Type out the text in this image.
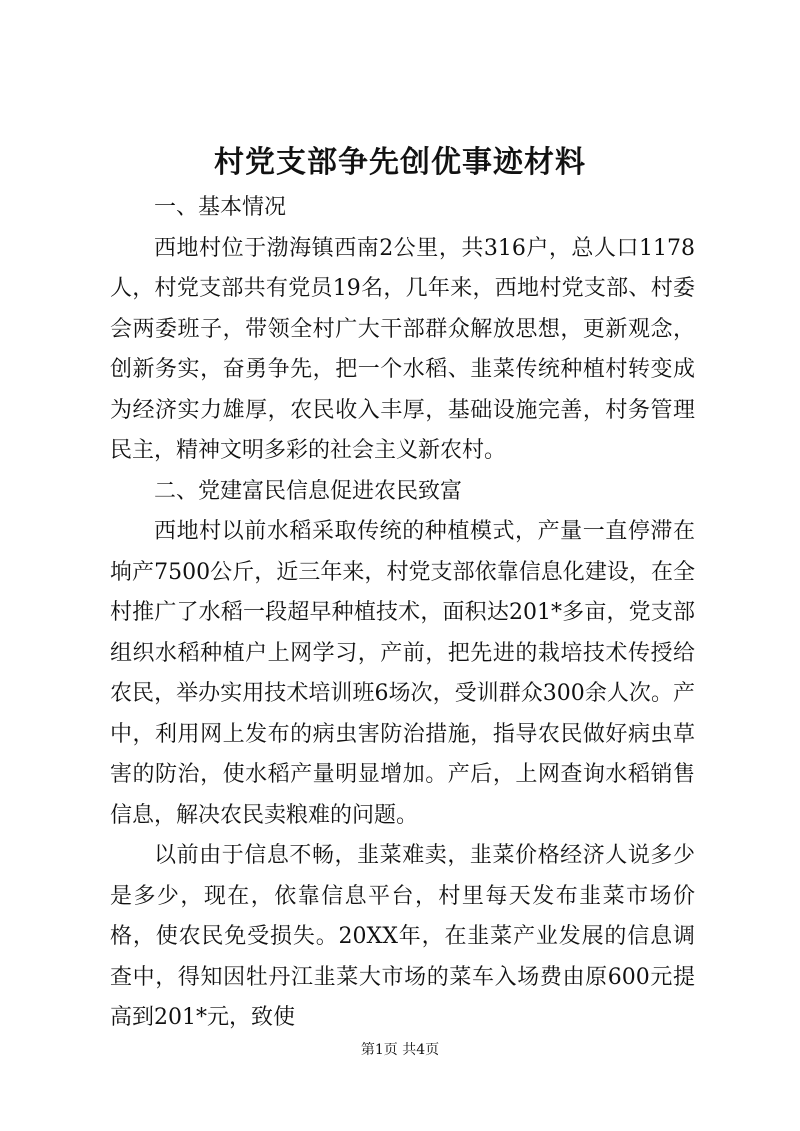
村党支部争先创优事迹材料

一、基本情况

西地村位于渤海镇西南2公里，共316户，总人口1178人，村党支部共有党员19名，几年来，西地村党支部、村委会两委班子，带领全村广大干部群众解放思想，更新观念，创新务实，奋勇争先，把一个水稻、韭菜传统种植村转变成为经济实力雄厚，农民收入丰厚，基础设施完善，村务管理民主，精神文明多彩的社会主义新农村。

二、党建富民信息促进农民致富

西地村以前水稻采取传统的种植模式，产量一直停滞在垧产7500公斤，近三年来，村党支部依靠信息化建设，在全村推广了水稻一段超早种植技术，面积达201*多亩，党支部组织水稻种植户上网学习，产前，把先进的栽培技术传授给农民，举办实用技术培训班6场次，受训群众300余人次。产中，利用网上发布的病虫害防治措施，指导农民做好病虫草害的防治，使水稻产量明显增加。产后，上网查询水稻销售信息，解决农民卖粮难的问题。

以前由于信息不畅，韭菜难卖，韭菜价格经济人说多少是多少，现在，依靠信息平台，村里每天发布韭菜市场价格，使农民免受损失。20XX年，在韭菜产业发展的信息调查中，得知因牡丹江韭菜大市场的菜车入场费由原600元提高到201*元，致使

第1页 共4页
